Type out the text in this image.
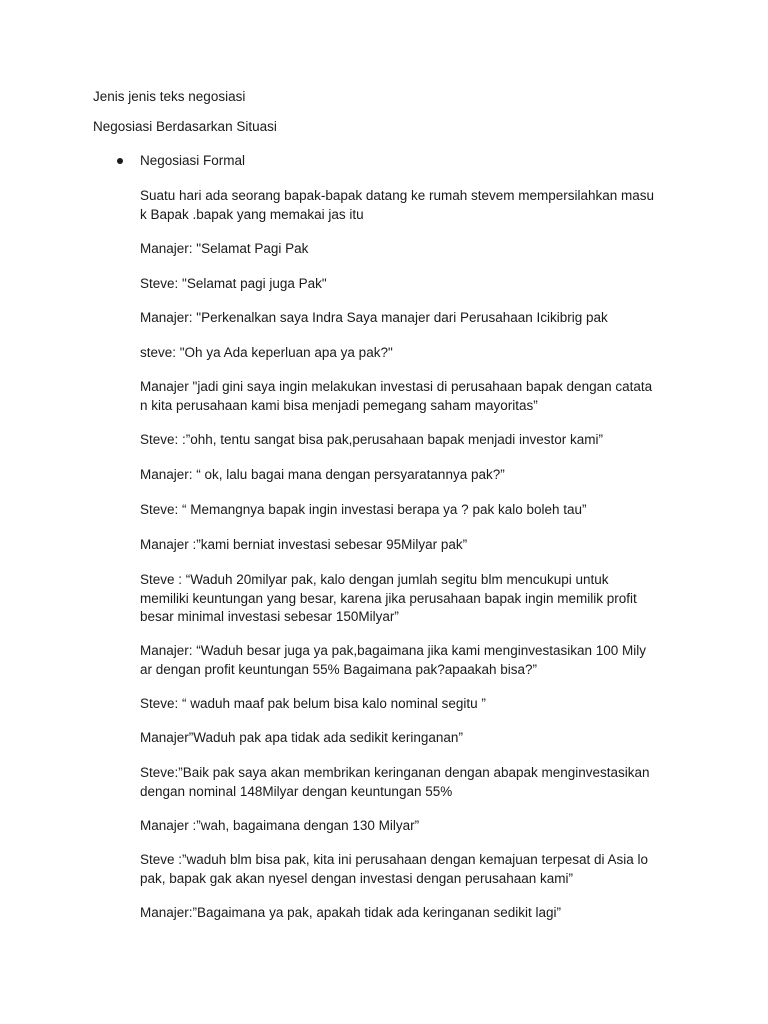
Jenis jenis teks negosiasi
Negosiasi Berdasarkan Situasi
Negosiasi Formal
Suatu hari ada seorang bapak-bapak datang ke rumah stevem mempersilahkan masu
k Bapak .bapak yang memakai jas itu
Manajer: "Selamat Pagi Pak
Steve: "Selamat pagi juga Pak"
Manajer: "Perkenalkan saya Indra Saya manajer dari Perusahaan Icikibrig pak
steve: "Oh ya Ada keperluan apa ya pak?"
Manajer "jadi gini saya ingin melakukan investasi di perusahaan bapak dengan catata
n kita perusahaan kami bisa menjadi pemegang saham mayoritas”
Steve: :”ohh, tentu sangat bisa pak,perusahaan bapak menjadi investor kami”
Manajer: “ ok, lalu bagai mana dengan persyaratannya pak?”
Steve: “ Memangnya bapak ingin investasi berapa ya ? pak kalo boleh tau”
Manajer :”kami berniat investasi sebesar 95Milyar pak”
Steve : “Waduh 20milyar pak, kalo dengan jumlah segitu blm mencukupi untuk
memiliki keuntungan yang besar, karena jika perusahaan bapak ingin memilik profit
besar minimal investasi sebesar 150Milyar”
Manajer: “Waduh besar juga ya pak,bagaimana jika kami menginvestasikan 100 Mily
ar dengan profit keuntungan 55% Bagaimana pak?apaakah bisa?”
Steve: “ waduh maaf pak belum bisa kalo nominal segitu ”
Manajer”Waduh pak apa tidak ada sedikit keringanan”
Steve:”Baik pak saya akan membrikan keringanan dengan abapak menginvestasikan
dengan nominal 148Milyar dengan keuntungan 55%
Manajer :”wah, bagaimana dengan 130 Milyar”
Steve :”waduh blm bisa pak, kita ini perusahaan dengan kemajuan terpesat di Asia lo
pak, bapak gak akan nyesel dengan investasi dengan perusahaan kami”
Manajer:”Bagaimana ya pak, apakah tidak ada keringanan sedikit lagi”
